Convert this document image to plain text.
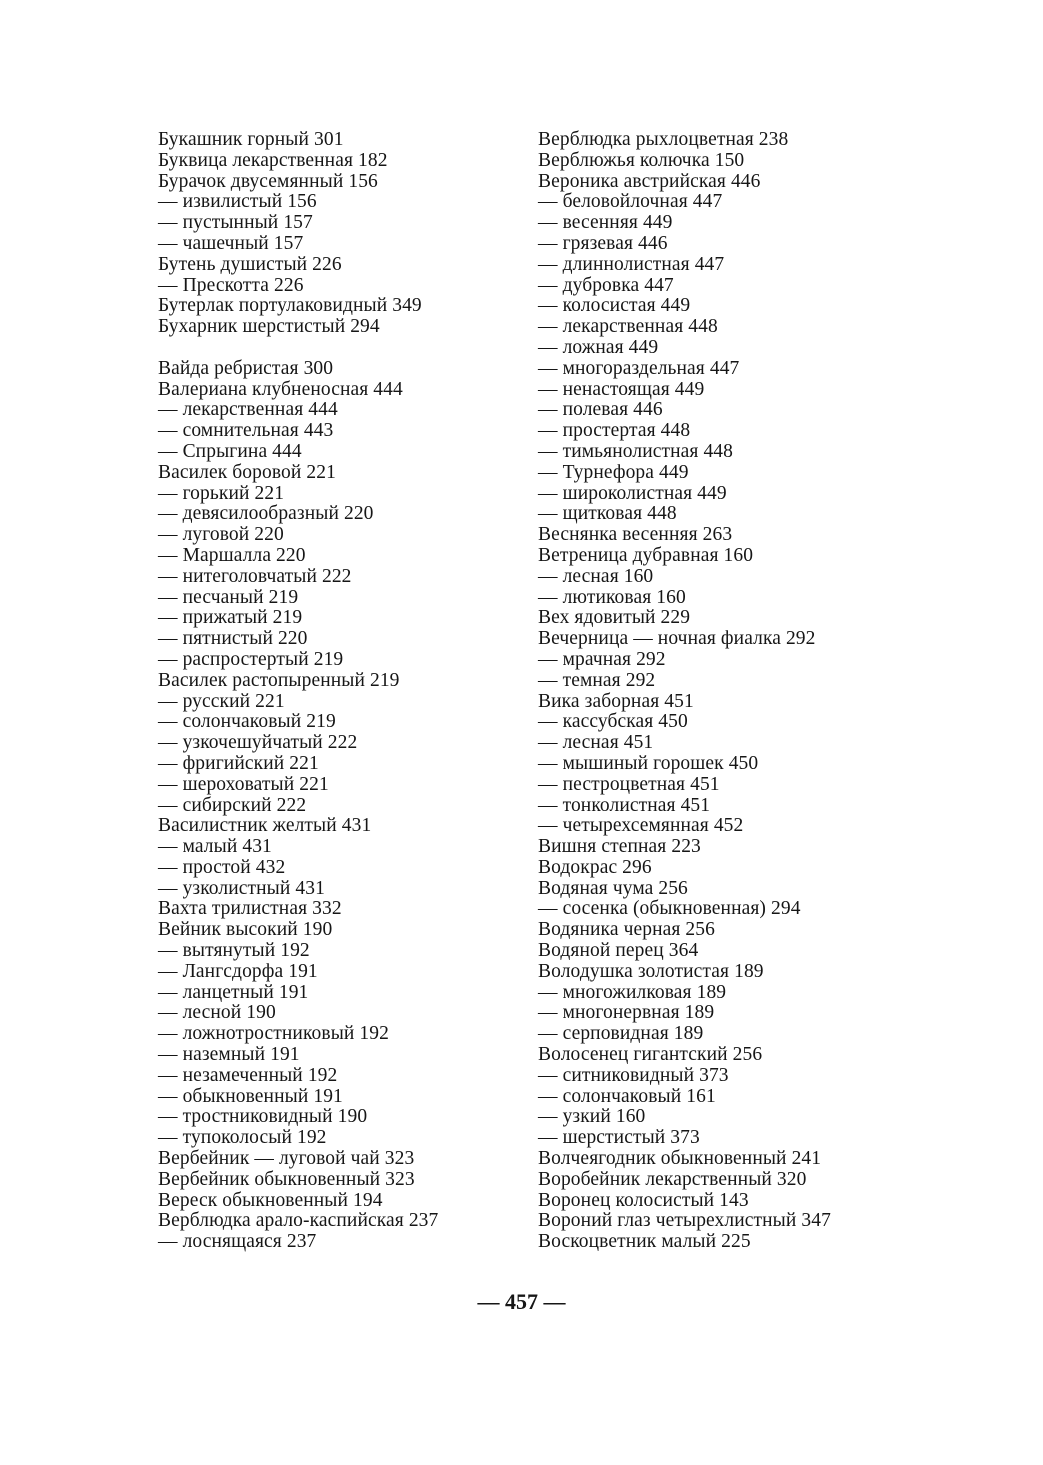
Букашник горный 301
Буквица лекарственная 182
Бурачок двусемянный 156
— извилистый 156
— пустынный 157
— чашечный 157
Бутень душистый 226
— Прескотта 226
Бутерлак портулаковидный 349
Бухарник шерстистый 294
Вайда ребристая 300
Валериана клубненосная 444
— лекарственная 444
— сомнительная 443
— Спрыгина 444
Василек боровой 221
— горький 221
— девясилообразный 220
— луговой 220
— Маршалла 220
— нитеголовчатый 222
— песчаный 219
— прижатый 219
— пятнистый 220
— распростертый 219
Василек растопыренный 219
— русский 221
— солончаковый 219
— узкочешуйчатый 222
— фригийский 221
— шероховатый 221
— сибирский 222
Василистник желтый 431
— малый 431
— простой 432
— узколистный 431
Вахта трилистная 332
Вейник высокий 190
— вытянутый 192
— Лангсдорфа 191
— ланцетный 191
— лесной 190
— ложнотростниковый 192
— наземный 191
— незамеченный 192
— обыкновенный 191
— тростниковидный 190
— тупоколосый 192
Вербейник — луговой чай 323
Вербейник обыкновенный 323
Вереск обыкновенный 194
Верблюдка арало-каспийская 237
— лоснящаяся 237
Верблюдка рыхлоцветная 238
Верблюжья колючка 150
Вероника австрийская 446
— беловойлочная 447
— весенняя 449
— грязевая 446
— длиннолистная 447
— дубровка 447
— колосистая 449
— лекарственная 448
— ложная 449
— многораздельная 447
— ненастоящая 449
— полевая 446
— простертая 448
— тимьянолистная 448
— Турнефора 449
— широколистная 449
— щитковая 448
Веснянка весенняя 263
Ветреница дубравная 160
— лесная 160
— лютиковая 160
Вех ядовитый 229
Вечерница — ночная фиалка 292
— мрачная 292
— темная 292
Вика заборная 451
— кассубская 450
— лесная 451
— мышиный горошек 450
— пестроцветная 451
— тонколистная 451
— четырехсемянная 452
Вишня степная 223
Водокрас 296
Водяная чума 256
— сосенка (обыкновенная) 294
Водяника черная 256
Водяной перец 364
Володушка золотистая 189
— многожилковая 189
— многонервная 189
— серповидная 189
Волосенец гигантский 256
— ситниковидный 373
— солончаковый 161
— узкий 160
— шерстистый 373
Волчеягодник обыкновенный 241
Воробейник лекарственный 320
Воронец колосистый 143
Вороний глаз четырехлистный 347
Воскоцветник малый 225
— 457 —
